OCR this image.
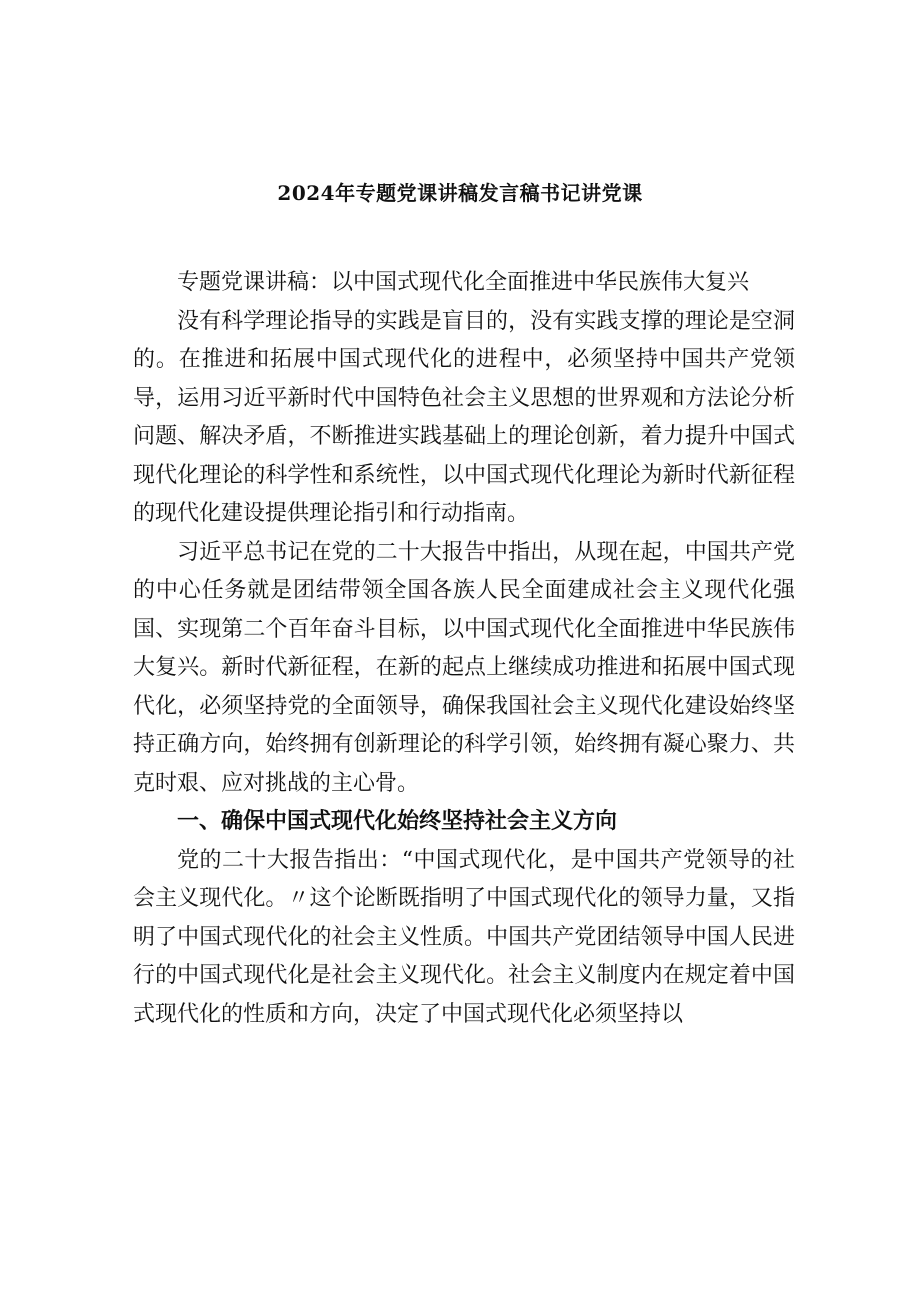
2024年专题党课讲稿发言稿书记讲党课

专题党课讲稿：以中国式现代化全面推进中华民族伟大复兴

没有科学理论指导的实践是盲目的，没有实践支撑的理论是空洞的。在推进和拓展中国式现代化的进程中，必须坚持中国共产党领导，运用习近平新时代中国特色社会主义思想的世界观和方法论分析问题、解决矛盾，不断推进实践基础上的理论创新，着力提升中国式现代化理论的科学性和系统性，以中国式现代化理论为新时代新征程的现代化建设提供理论指引和行动指南。

习近平总书记在党的二十大报告中指出，从现在起，中国共产党的中心任务就是团结带领全国各族人民全面建成社会主义现代化强国、实现第二个百年奋斗目标，以中国式现代化全面推进中华民族伟大复兴。新时代新征程，在新的起点上继续成功推进和拓展中国式现代化，必须坚持党的全面领导，确保我国社会主义现代化建设始终坚持正确方向，始终拥有创新理论的科学引领，始终拥有凝心聚力、共克时艰、应对挑战的主心骨。

一、确保中国式现代化始终坚持社会主义方向

党的二十大报告指出：“中国式现代化，是中国共产党领导的社会主义现代化。〃这个论断既指明了中国式现代化的领导力量，又指明了中国式现代化的社会主义性质。中国共产党团结领导中国人民进行的中国式现代化是社会主义现代化。社会主义制度内在规定着中国式现代化的性质和方向，决定了中国式现代化必须坚持以
